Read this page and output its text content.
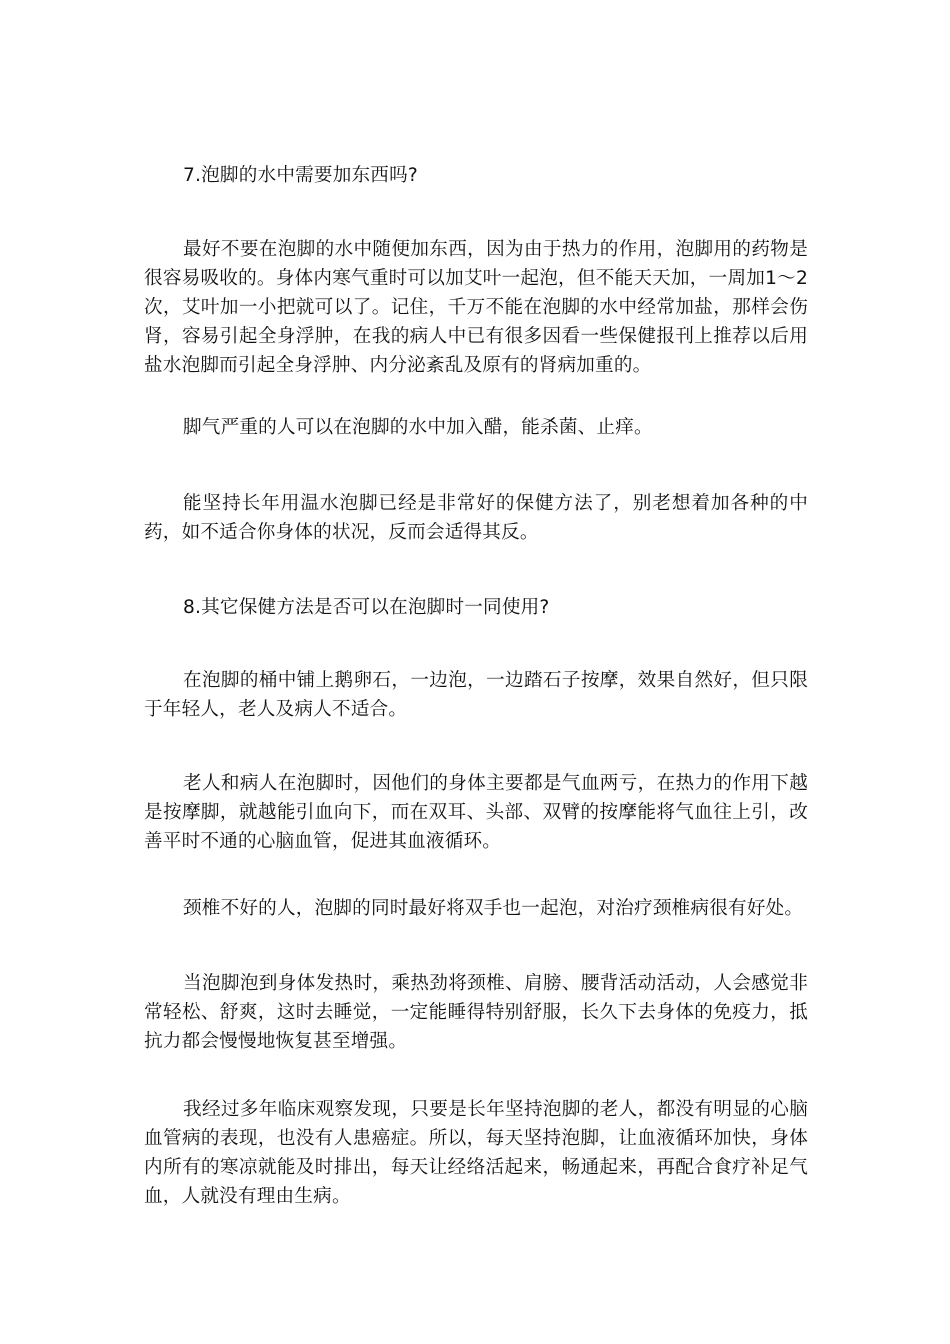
7.泡脚的水中需要加东西吗?

最好不要在泡脚的水中随便加东西，因为由于热力的作用，泡脚用的药物是很容易吸收的。身体内寒气重时可以加艾叶一起泡，但不能天天加，一周加1～2次，艾叶加一小把就可以了。记住，千万不能在泡脚的水中经常加盐，那样会伤肾，容易引起全身浮肿，在我的病人中已有很多因看一些保健报刊上推荐以后用盐水泡脚而引起全身浮肿、内分泌紊乱及原有的肾病加重的。

脚气严重的人可以在泡脚的水中加入醋，能杀菌、止痒。

能坚持长年用温水泡脚已经是非常好的保健方法了，别老想着加各种的中药，如不适合你身体的状况，反而会适得其反。

8.其它保健方法是否可以在泡脚时一同使用?

在泡脚的桶中铺上鹅卵石，一边泡，一边踏石子按摩，效果自然好，但只限于年轻人，老人及病人不适合。

老人和病人在泡脚时，因他们的身体主要都是气血两亏，在热力的作用下越是按摩脚，就越能引血向下，而在双耳、头部、双臂的按摩能将气血往上引，改善平时不通的心脑血管，促进其血液循环。

颈椎不好的人，泡脚的同时最好将双手也一起泡，对治疗颈椎病很有好处。

当泡脚泡到身体发热时，乘热劲将颈椎、肩膀、腰背活动活动，人会感觉非常轻松、舒爽，这时去睡觉，一定能睡得特别舒服，长久下去身体的免疫力，抵抗力都会慢慢地恢复甚至增强。

我经过多年临床观察发现，只要是长年坚持泡脚的老人，都没有明显的心脑血管病的表现，也没有人患癌症。所以，每天坚持泡脚，让血液循环加快，身体内所有的寒凉就能及时排出，每天让经络活起来，畅通起来，再配合食疗补足气血，人就没有理由生病。
